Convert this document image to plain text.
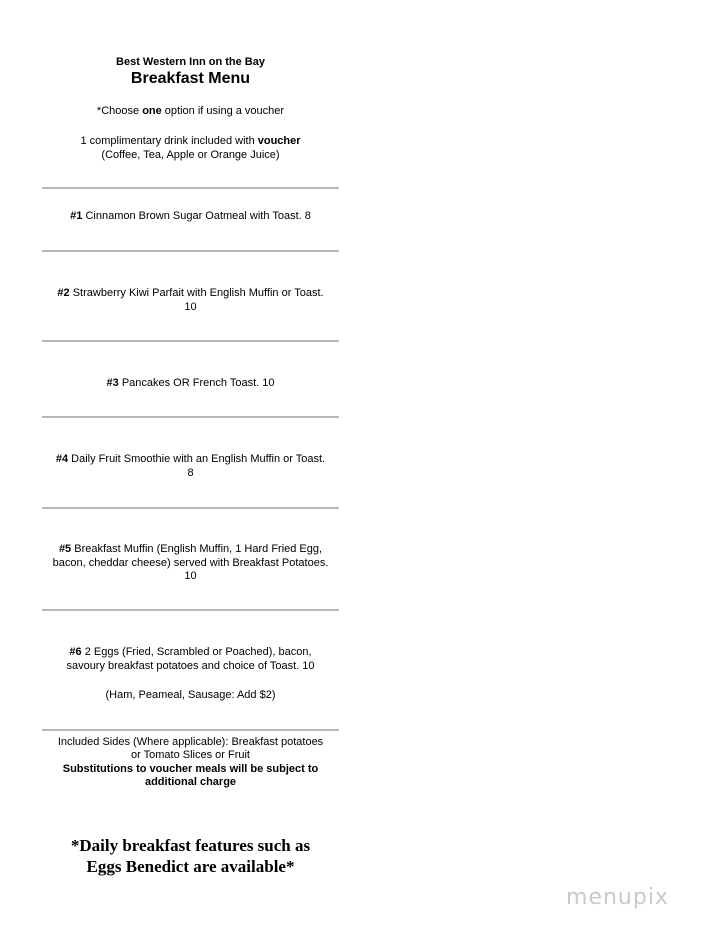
Best Western Inn on the Bay
Breakfast Menu
*Choose one option if using a voucher
1 complimentary drink included with voucher
(Coffee, Tea, Apple or Orange Juice)
#1 Cinnamon Brown Sugar Oatmeal with Toast. 8
#2 Strawberry Kiwi Parfait with English Muffin or Toast.
10
#3 Pancakes OR French Toast. 10
#4 Daily Fruit Smoothie with an English Muffin or Toast.
8
#5 Breakfast Muffin (English Muffin, 1 Hard Fried Egg,
bacon, cheddar cheese) served with Breakfast Potatoes.
10
#6 2 Eggs (Fried, Scrambled or Poached), bacon,
savoury breakfast potatoes and choice of Toast. 10
(Ham, Peameal, Sausage: Add $2)
Included Sides (Where applicable): Breakfast potatoes
or Tomato Slices or Fruit
Substitutions to voucher meals will be subject to
additional charge
*Daily breakfast features such as
Eggs Benedict are available*
menupix
